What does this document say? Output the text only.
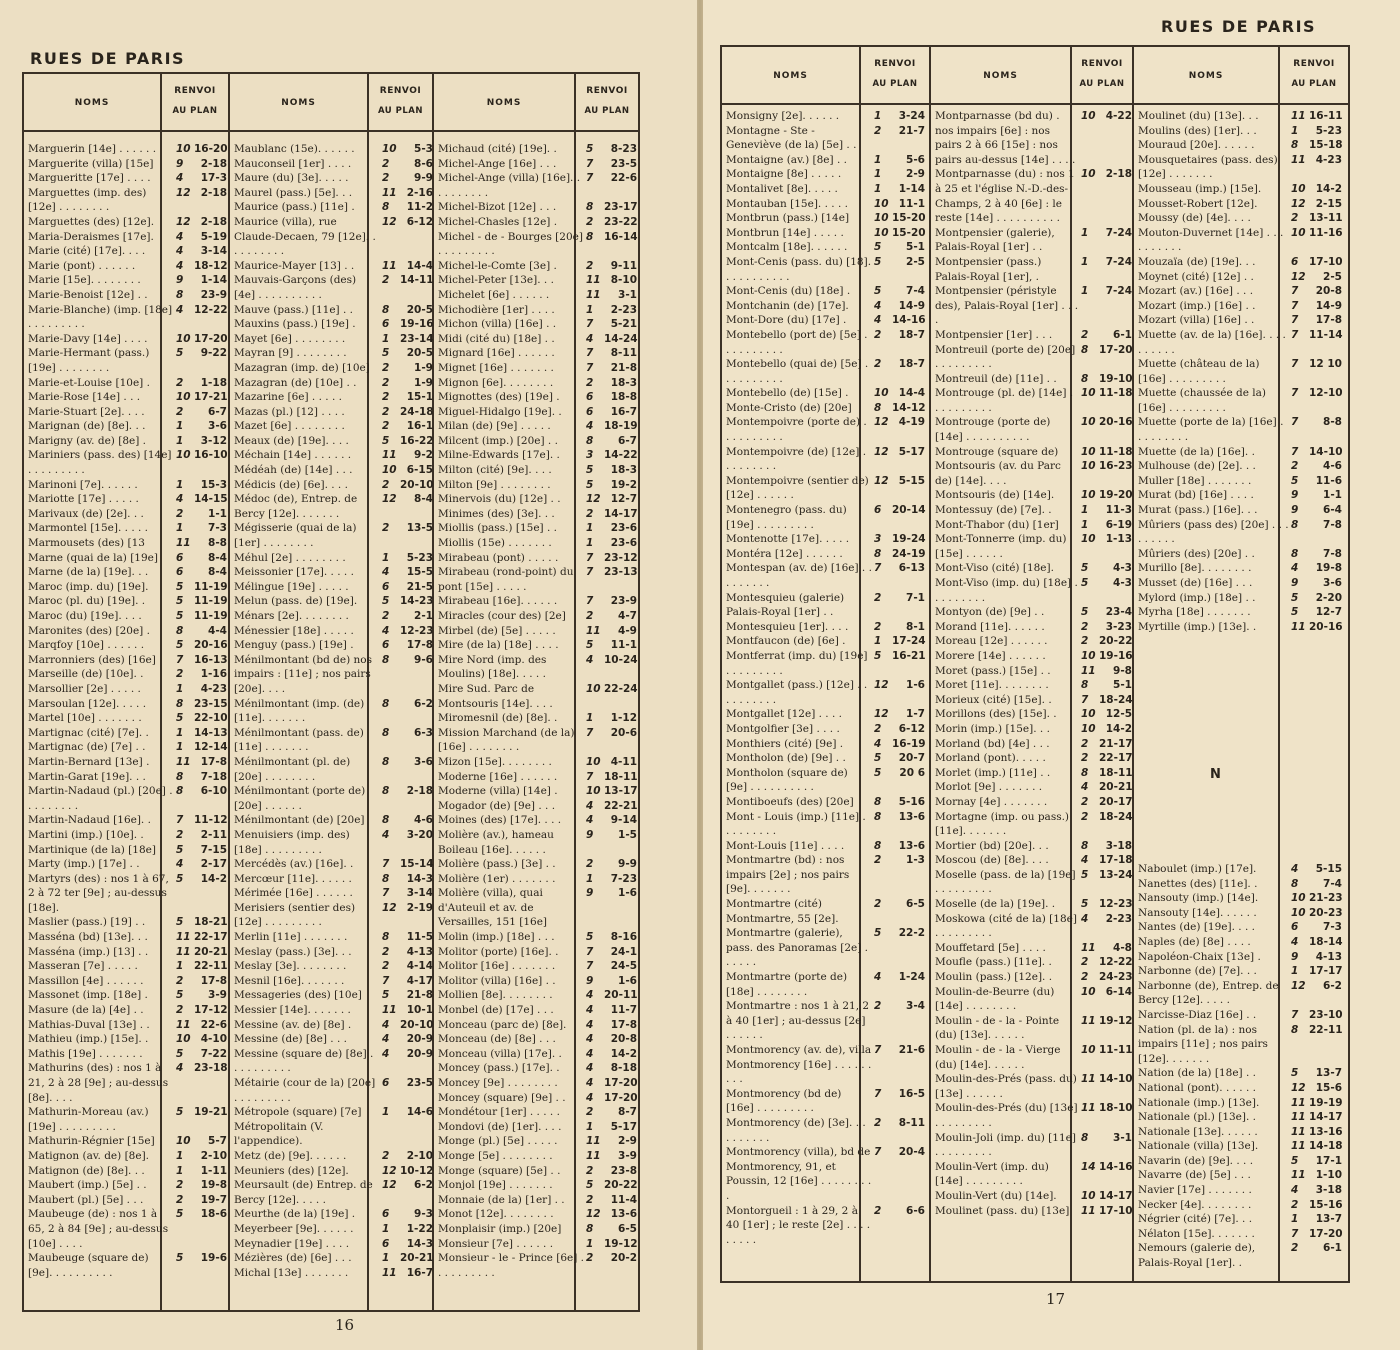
RUES DE PARIS
NOMS
RENVOI
AU PLAN
NOMS
RENVOI
AU PLAN
NOMS
RENVOI
AU PLAN
Marguerin [14e] . . . . . .	10 16-20
Marguerite (villa) [15e]	9	2-18
Margueritte [17e] . . . .	4	17-3
Marguettes (imp. des) [12e] . . . . . . . .
12 2-18
Marguettes (des) [12e].	12 2-18
Maria-Deraismes [17e].	4	5-19
Marie (cité) [17e]. . . .	4	3-14
Marie (pont) . . . . . .	4	18-12
Marie [15e]. . . . . . . .	9	1-14
Marie-Benoist [12e] . .	8	23-9
Marie-Blanche) (imp. [18e] . . . . . . . . .
4	12-22
Marie-Davy [14e] . . . .	10 17-20
Marie-Hermant (pass.) [19e] . . . . . . . .
5	9-22
Marie-et-Louise [10e] .	2	1-18
Marie-Rose [14e] . . .	10 17-21
Marie-Stuart [2e]. . . .	2	6-7
Marignan (de) [8e]. . .	1	3-6
Marigny (av. de) [8e] .	1	3-12
Mariniers (pass. des) [14e] . . . . . . . . .
10 16-10
Marinoni [7e]. . . . . .	1	15-3
Mariotte [17e] . . . . .	4	14-15
Marivaux (de) [2e]. . .	2	1-1
Marmontel [15e]. . . . .	1	7-3
Marmousets (des) [13	11	8-8
Marne (quai de la) [19e]	6	8-4
Marne (de la) [19e]. . .	6	8-4
Maroc (imp. du) [19e].	5	11-19
Maroc (pl. du) [19e]. .	5	11-19
Maroc (du) [19e]. . . .	5	11-19
Maronites (des) [20e] .	8	4-4
Marqfoy [10e] . . . . . .	5	20-16
Marronniers (des) [16e]	7	16-13
Marseille (de) [10e]. .	2	1-16
Marsollier [2e] . . . . .	1	4-23
Marsoulan [12e]. . . . .	8	23-15
Martel [10e] . . . . . . .	5	22-10
Martignac (cité) [7e]. .	1	14-13
Martignac (de) [7e] . .	1	12-14
Martin-Bernard [13e] .	11 17-8
Martin-Garat [19e]. . .	8	7-18
Martin-Nadaud (pl.) [20e] . . . . . . . . .
8	6-10
Martin-Nadaud [16e]. .	7	11-12
Martini (imp.) [10e]. .	2	2-11
Martinique (de la) [18e]	5	7-15
Marty (imp.) [17e] . .	4	2-17
Martyrs (des) : nos 1 à 67, 2 à 72 ter [9e] ; au-dessus [18e].
5	14-2
Maslier (pass.) [19] . .	5	18-21
Masséna (bd) [13e]. . .	11 22-17
Masséna (imp.) [13] . .	11 20-21
Masseran [7e] . . . . .	1	22-11
Massillon [4e] . . . . . .	2	17-8
Massonet (imp. [18e] .	5	3-9
Masure (de la) [4e] . .	2	17-12
Mathias-Duval [13e] . .	11 22-6
Mathieu (imp.) [15e]. .	10 4-10
Mathis [19e] . . . . . . .	5	7-22
Mathurins (des) : nos 1 à 21, 2 à 28 [9e] ; au-dessus [8e]. . . .
4	23-18
Mathurin-Moreau (av.) [19e] . . . . . . . . .
5	19-21
Mathurin-Régnier [15e]	10	5-7
Matignon (av. de) [8e].	1	2-10
Matignon (de) [8e]. . .	1	1-11
Maubert (imp.) [5e] . .	2	19-8
Maubert (pl.) [5e] . . .	2	19-7
Maubeuge (de) : nos 1 à 65, 2 à 84 [9e] ; au-dessus [10e] . . . .
5	18-6
Maubeuge (square de) [9e]. . . . . . . . . .
5	19-6
Maublanc (15e). . . . . .	10	5-3
Mauconseil [1er] . . . .	2	8-6
Maure (du) [3e]. . . . .	2	9-9
Maurel (pass.) [5e]. . .	11 2-16
Maurice (pass.) [11e] .	8	11-2
Maurice (villa), rue Claude-Decaen, 79 [12e]. . . . . . . . . .
12 6-12
Maurice-Mayer [13] . .	11 14-4
Mauvais-Garçons (des) [4e] . . . . . . . . . .
2	14-11
Mauve (pass.) [11e] . .	8	20-5
Mauxins (pass.) [19e] .	6	19-16
Mayet [6e] . . . . . . . .	1	23-14
Mayran [9] . . . . . . . .	5	20-5
Mazagran (imp. de) [10e]	2	1-9
Mazagran (de) [10e] . .	2	1-9
Mazarine [6e] . . . . .	2	15-1
Mazas (pl.) [12] . . . .	2	24-18
Mazet [6e] . . . . . . . .	2	16-1
Meaux (de) [19e]. . . .	5	16-22
Méchain [14e] . . . . . .	11	9-2
Médéah (de) [14e] . . .	10 6-15
Médicis (de) [6e]. . . .	2	20-10
Médoc (de), Entrep. de Bercy [12e]. . . . . . .
12	8-4
Mégisserie (quai de la) [1er] . . . . . . . .
2	13-5
Méhul [2e] . . . . . . . .	1	5-23
Meissonier [17e]. . . . .	4	15-5
Mélingue [19e] . . . . .	6	21-5
Melun (pass. de) [19e].	5	14-23
Ménars [2e]. . . . . . . .	2	2-1
Ménessier [18e] . . . . .	4	12-23
Menguy (pass.) [19e] .	6	17-8
Ménilmontant (bd de) nos impairs : [11e] ; nos pairs [20e]. . . .
8	9-6
Ménilmontant (imp. (de) [11e]. . . . . . .
8	6-2
Ménilmontant (pass. de) [11e] . . . . . . .
8	6-3
Ménilmontant (pl. de) [20e] . . . . . . . .
8	3-6
Ménilmontant (porte de) [20e] . . . . . .
8	2-18
Ménilmontant (de) [20e]	8	4-6
Menuisiers (imp. des) [18e] . . . . . . . . .
4	3-20
Mercédès (av.) [16e]. .	7	15-14
Mercœur [11e]. . . . . .	8	14-3
Mérimée [16e] . . . . . .	7	3-14
Merisiers (sentier des) [12e] . . . . . . . . .
12 2-19
Merlin [11e] . . . . . . .	8	11-5
Meslay (pass.) [3e]. . .	2	4-13
Meslay [3e]. . . . . . . .	2	4-14
Mesnil [16e]. . . . . . .	7	4-17
Messageries (des) [10e]	5	21-8
Messier [14e]. . . . . . .	11 10-1
Messine (av. de) [8e] .	4	20-10
Messine (de) [8e] . . .	4	20-9
Messine (square de) [8e] . . . . . . . . . .
4	20-9
Métairie (cour de la) [20e] . . . . . . . . .
6	23-5
Métropole (square) [7e]	1	14-6
Métropolitain (V. l'appendice).
Metz (de) [9e]. . . . . .	2	2-10
Meuniers (des) [12e].	12 10-12
Meursault (de) Entrep. de Bercy [12e]. . . . .
12	6-2
Meurthe (de la) [19e] .	6	9-3
Meyerbeer [9e]. . . . . .	1	1-22
Meynadier [19e] . . . .	6	14-3
Mézières (de) [6e] . . .	1	20-21
Michal [13e] . . . . . . .	11 16-7
Michaud (cité) [19e]. .	5	8-23
Michel-Ange [16e] . . .	7	23-5
Michel-Ange (villa) [16e]. . . . . . . . . .
7	22-6
Michel-Bizot [12e] . . .	8	23-17
Michel-Chasles [12e] .	2	23-22
Michel - de - Bourges [20e] . . . . . . . . .
8	16-14
Michel-le-Comte [3e] .	2	9-11
Michel-Peter [13e]. . .	11 8-10
Michelet [6e] . . . . . .	11	3-1
Michodière [1er] . . . .	1	2-23
Michon (villa) [16e] . .	7	5-21
Midi (cité du) [18e] . .	4	14-24
Mignard [16e] . . . . . .	7	8-11
Mignet [16e] . . . . . . .	7	21-8
Mignon [6e]. . . . . . . .	2	18-3
Mignottes (des) [19e] .	6	18-8
Miguel-Hidalgo [19e]. .	6	16-7
Milan (de) [9e] . . . . .	4	18-19
Milcent (imp.) [20e] . .	8	6-7
Milne-Edwards [17e]. .	3	14-22
Milton (cité) [9e]. . . .	5	18-3
Milton [9e] . . . . . . . .	5	19-2
Minervois (du) [12e] . .	12 12-7
Minimes (des) [3e]. . .	2	14-17
Miollis (pass.) [15e] . .	1	23-6
Miollis (15e) . . . . . . .	1	23-6
Mirabeau (pont) . . . . .	7	23-12
Mirabeau (rond-point) du pont [15e] . . . . .
7	23-13
Mirabeau [16e]. . . . . .	7	23-9
Miracles (cour des) [2e]	2	4-7
Mirbel (de) [5e] . . . . .	11	4-9
Mire (de la) [18e] . . . .	5	11-1
Mire Nord (imp. des Moulins) [18e]. . . . .
4	10-24
Mire Sud. Parc de Montsouris [14e]. . . .
10 22-24
Miromesnil (de) [8e]. .	1	1-12
Mission Marchand (de la) [16e] . . . . . . . .
7	20-6
Mizon [15e]. . . . . . . .	10 4-11
Moderne [16e] . . . . . .	7	18-11
Moderne (villa) [14e] .	10 13-17
Mogador (de) [9e] . . .	4	22-21
Moines (des) [17e]. . . .	4	9-14
Molière (av.), hameau Boileau [16e]. . . . . .
9	1-5
Molière (pass.) [3e] . .	2	9-9
Molière (1er) . . . . . . .	1	7-23
Molière (villa), quai d'Auteuil et av. de Versailles, 151 [16e]
9	1-6
Molin (imp.) [18e] . . .	5	8-16
Molitor (porte) [16e]. .	7	24-1
Molitor [16e] . . . . . . .	7	24-5
Molitor (villa) [16e] . .	9	1-6
Mollien [8e]. . . . . . . .	4	20-11
Monbel (de) [17e] . . .	4	11-7
Monceau (parc de) [8e].	4	17-8
Monceau (de) [8e] . . .	4	20-8
Monceau (villa) [17e]. .	4	14-2
Moncey (pass.) [17e]. .	4	8-18
Moncey [9e] . . . . . . . .	4	17-20
Moncey (square) [9e] . .	4	17-20
Mondétour [1er] . . . . .	2	8-7
Mondovi (de) [1er]. . . .	1	5-17
Monge (pl.) [5e] . . . . .	11	2-9
Monge [5e] . . . . . . . .	11	3-9
Monge (square) [5e] . .	2	23-8
Monjol [19e] . . . . . . .	5	20-22
Monnaie (de la) [1er] . .	2	11-4
Monot [12e]. . . . . . . .	12 13-6
Monplaisir (imp.) [20e]	8	6-5
Monsieur [7e] . . . . . .	1	19-12
Monsieur - le - Prince [6e] . . . . . . . . . .
2	20-2
16
RUES DE PARIS
NOMS
RENVOI
AU PLAN
NOMS
RENVOI
AU PLAN
NOMS
RENVOI
AU PLAN
Monsigny [2e]. . . . . .	1	3-24
Montagne - Ste - Geneviève (de la) [5e] . .
2	21-7
Montaigne (av.) [8e] . .	1	5-6
Montaigne [8e] . . . . .	1	2-9
Montalivet [8e]. . . . .	1	1-14
Montauban [15e]. . . . .	10 11-1
Montbrun (pass.) [14e]	10 15-20
Montbrun [14e] . . . . .	10 15-20
Montcalm [18e]. . . . . .	5	5-1
Mont-Cenis (pass. du) [18]. . . . . . . . . . .
5	2-5
Mont-Cenis (du) [18e] .	5	7-4
Montchanin (de) [17e].	4	14-9
Mont-Dore (du) [17e] .	4	14-16
Montebello (port de) [5e] . . . . . . . . . .
2	18-7
Montebello (quai de) [5e] . . . . . . . . . .
2	18-7
Montebello (de) [15e] .	10 14-4
Monte-Cristo (de) [20e]	8	14-12
Montempoivre (porte de) . . . . . . . . . .
12 4-19
Montempoivre (de) [12e] . . . . . . . . .
12 5-17
Montempoivre (sentier de) [12e] . . . . . .
12 5-15
Montenegro (pass. du) [19e] . . . . . . . . .
6	20-14
Montenotte [17e]. . . . .	3	19-24
Montéra [12e] . . . . . .	8	24-19
Montespan (av. de) [16e] . . . . . . . . .
7	6-13
Montesquieu (galerie) Palais-Royal [1er] . .
2	7-1
Montesquieu [1er]. . . .	2	8-1
Montfaucon (de) [6e] .	1	17-24
Montferrat (imp. du) [19e] . . . . . . . . .
5	16-21
Montgallet (pass.) [12e] . . . . . . . . . .
12	1-6
Montgallet [12e] . . . .	12	1-7
Montgolfier [3e] . . . .	2	6-12
Monthiers (cité) [9e] .	4	16-19
Montholon (de) [9e] . .	5	20-7
Montholon (square de) [9e] . . . . . . . . . .
5	20 6
Montiboeufs (des) [20e]	8	5-16
Mont - Louis (imp.) [11e] . . . . . . . . .
8	13-6
Mont-Louis [11e] . . . .	8	13-6
Montmartre (bd) : nos impairs [2e] ; nos pairs [9e]. . . . . . .
2	1-3
Montmartre (cité) Montmartre, 55 [2e].
2	6-5
Montmartre (galerie), pass. des Panoramas [2e] . . . . . .
5	22-2
Montmartre (porte de) [18e] . . . . . . . .
4	1-24
Montmartre : nos 1 à 21, 2 à 40 [1er] ; au-dessus [2e] . . . . . .
2	3-4
Montmorency (av. de), villa Montmorency [16e] . . . . . . . . .
7	21-6
Montmorency (bd de) [16e] . . . . . . . . .
7	16-5
Montmorency (de) [3e]. . . . . . . . . .
2	8-11
Montmorency (villa), bd de Montmorency, 91, et Poussin, 12 [16e] . . . . . . . . .
7	20-4
Montorgueil : 1 à 29, 2 à 40 [1er] ; le reste [2e] . . . . . . . . .
2	6-6
Montparnasse (bd du) . nos impairs [6e] : nos pairs 2 à 66 [15e] : nos pairs au-dessus [14e] . . . .
10 4-22
Montparnasse (du) : nos 1 à 25 et l'église N.-D.-des-Champs, 2 à 40 [6e] : le reste [14e] . . . . . . . . . .
10 2-18
Montpensier (galerie), Palais-Royal [1er] . .
1	7-24
Montpensier (pass.) Palais-Royal [1er], .
1	7-24
Montpensier (péristyle des), Palais-Royal [1er] . . . .
1	7-24
Montpensier [1er] . . .	2	6-1
Montreuil (porte de) [20e] . . . . . . . . .
8	17-20
Montreuil (de) [11e] . .	8	19-10
Montrouge (pl. de) [14e] . . . . . . . . . .
10 11-18
Montrouge (porte de) [14e] . . . . . . . . . .
10 20-16
Montrouge (square de)	10 11-18
Montsouris (av. du Parc de) [14e]. . . .
10 16-23
Montsouris (de) [14e].	10 19-20
Montessuy (de) [7e]. .	1	11-3
Mont-Thabor (du) [1er]	1	6-19
Mont-Tonnerre (imp. du) [15e] . . . . . .
10 1-13
Mont-Viso (cité) [18e].	5	4-3
Mont-Viso (imp. du) [18e] . . . . . . . . .
5	4-3
Montyon (de) [9e] . .	5	23-4
Morand [11e]. . . . . .	2	3-23
Moreau [12e] . . . . . .	2	20-22
Morere [14e] . . . . . .	10 19-16
Moret (pass.) [15e] . .	11	9-8
Moret [11e]. . . . . . . .	8	5-1
Morieux (cité) [15e]. .	7	18-24
Morillons (des) [15e]. .	10 12-5
Morin (imp.) [15e]. . .	10 14-2
Morland (bd) [4e] . . .	2	21-17
Morland (pont). . . . .	2	22-17
Morlet (imp.) [11e] . .	8	18-11
Morlot [9e] . . . . . . .	4	20-21
Mornay [4e] . . . . . . .	2	20-17
Mortagne (imp. ou pass.) [11e]. . . . . . .
2	18-24
Mortier (bd) [20e]. . .	8	3-18
Moscou (de) [8e]. . . .	4	17-18
Moselle (pass. de la) [19e] . . . . . . . . .
5	13-24
Moselle (de la) [19e]. .	5	12-23
Moskowa (cité de la) [18e] . . . . . . . . .
4	2-23
Mouffetard [5e] . . . .	11	4-8
Moufle (pass.) [11e]. .	2	12-22
Moulin (pass.) [12e]. .	2	24-23
Moulin-de-Beurre (du) [14e] . . . . . . . .
10 6-14
Moulin - de - la - Pointe (du) [13e]. . . . . .
11 19-12
Moulin - de - la - Vierge (du) [14e]. . . . . .
10 11-11
Moulin-des-Prés (pass. du) [13e] . . . . . .
11 14-10
Moulin-des-Prés (du) [13e] . . . . . . . . .
11 18-10
Moulin-Joli (imp. du) [11e] . . . . . . . . .
8	3-1
Moulin-Vert (imp. du) [14e] . . . . . . . . .
14 14-16
Moulin-Vert (du) [14e].	10 14-17
Moulinet (pass. du) [13e]	11 17-10
Moulinet (du) [13e]. . .	11 16-11
Moulins (des) [1er]. . .	1	5-23
Mouraud [20e]. . . . . .	8	15-18
Mousquetaires (pass. des) [12e] . . . . . . .
11 4-23
Mousseau (imp.) [15e].	10 14-2
Mousset-Robert [12e].	12 2-15
Moussy (de) [4e]. . . .	2	13-11
Mouton-Duvernet [14e] . . . . . . . . . .
10 11-16
Mouzaïa (de) [19e]. . .	6	17-10
Moynet (cité) [12e] . .	12	2-5
Mozart (av.) [16e] . . .	7	20-8
Mozart (imp.) [16e] . .	7	14-9
Mozart (villa) [16e] . .	7	17-8
Muette (av. de la) [16e]. . . . . . . . . .
7	11-14
Muette (château de la) [16e] . . . . . . . . .
7	12 10
Muette (chaussée de la) [16e] . . . . . . . . .
7	12-10
Muette (porte de la) [16e] . . . . . . . . .
7	8-8
Muette (de la) [16e]. .	7	14-10
Mulhouse (de) [2e]. . .	2	4-6
Muller [18e] . . . . . . .	5	11-6
Murat (bd) [16e] . . . .	9	1-1
Murat (pass.) [16e]. . .	9	6-4
Mûriers (pass des) [20e] . . . . . . . . .
8	7-8
Mûriers (des) [20e] . .	8	7-8
Murillo [8e]. . . . . . . .	4	19-8
Musset (de) [16e] . . .	9	3-6
Mylord (imp.) [18e] . .	5	2-20
Myrha [18e] . . . . . . .	5	12-7
Myrtille (imp.) [13e]. .	11 20-16
N
Naboulet (imp.) [17e].	4	5-15
Nanettes (des) [11e]. .	8	7-4
Nansouty (imp.) [14e].	10 21-23
Nansouty [14e]. . . . . .	10 20-23
Nantes (de) [19e]. . . .	6	7-3
Naples (de) [8e] . . . .	4	18-14
Napoléon-Chaix [13e] .	9	4-13
Narbonne (de) [7e]. . .	1	17-17
Narbonne (de), Entrep. de Bercy [12e]. . . . .
12	6-2
Narcisse-Diaz [16e] . .	7	23-10
Nation (pl. de la) : nos impairs [11e] ; nos pairs [12e]. . . . . . .
8	22-11
Nation (de la) [18e] . .	5	13-7
National (pont). . . . . .	12 15-6
Nationale (imp.) [13e].	11 19-19
Nationale (pl.) [13e]. .	11 14-17
Nationale [13e]. . . . . .	11 13-16
Nationale (villa) [13e].	11 14-18
Navarin (de) [9e]. . . .	5	17-1
Navarre (de) [5e] . . .	11 1-10
Navier [17e] . . . . . . .	4	3-18
Necker [4e]. . . . . . . .	2	15-16
Négrier (cité) [7e]. . .	1	13-7
Nélaton [15e]. . . . . . .	7	17-20
Nemours (galerie de), Palais-Royal [1er]. .
2	6-1
17
